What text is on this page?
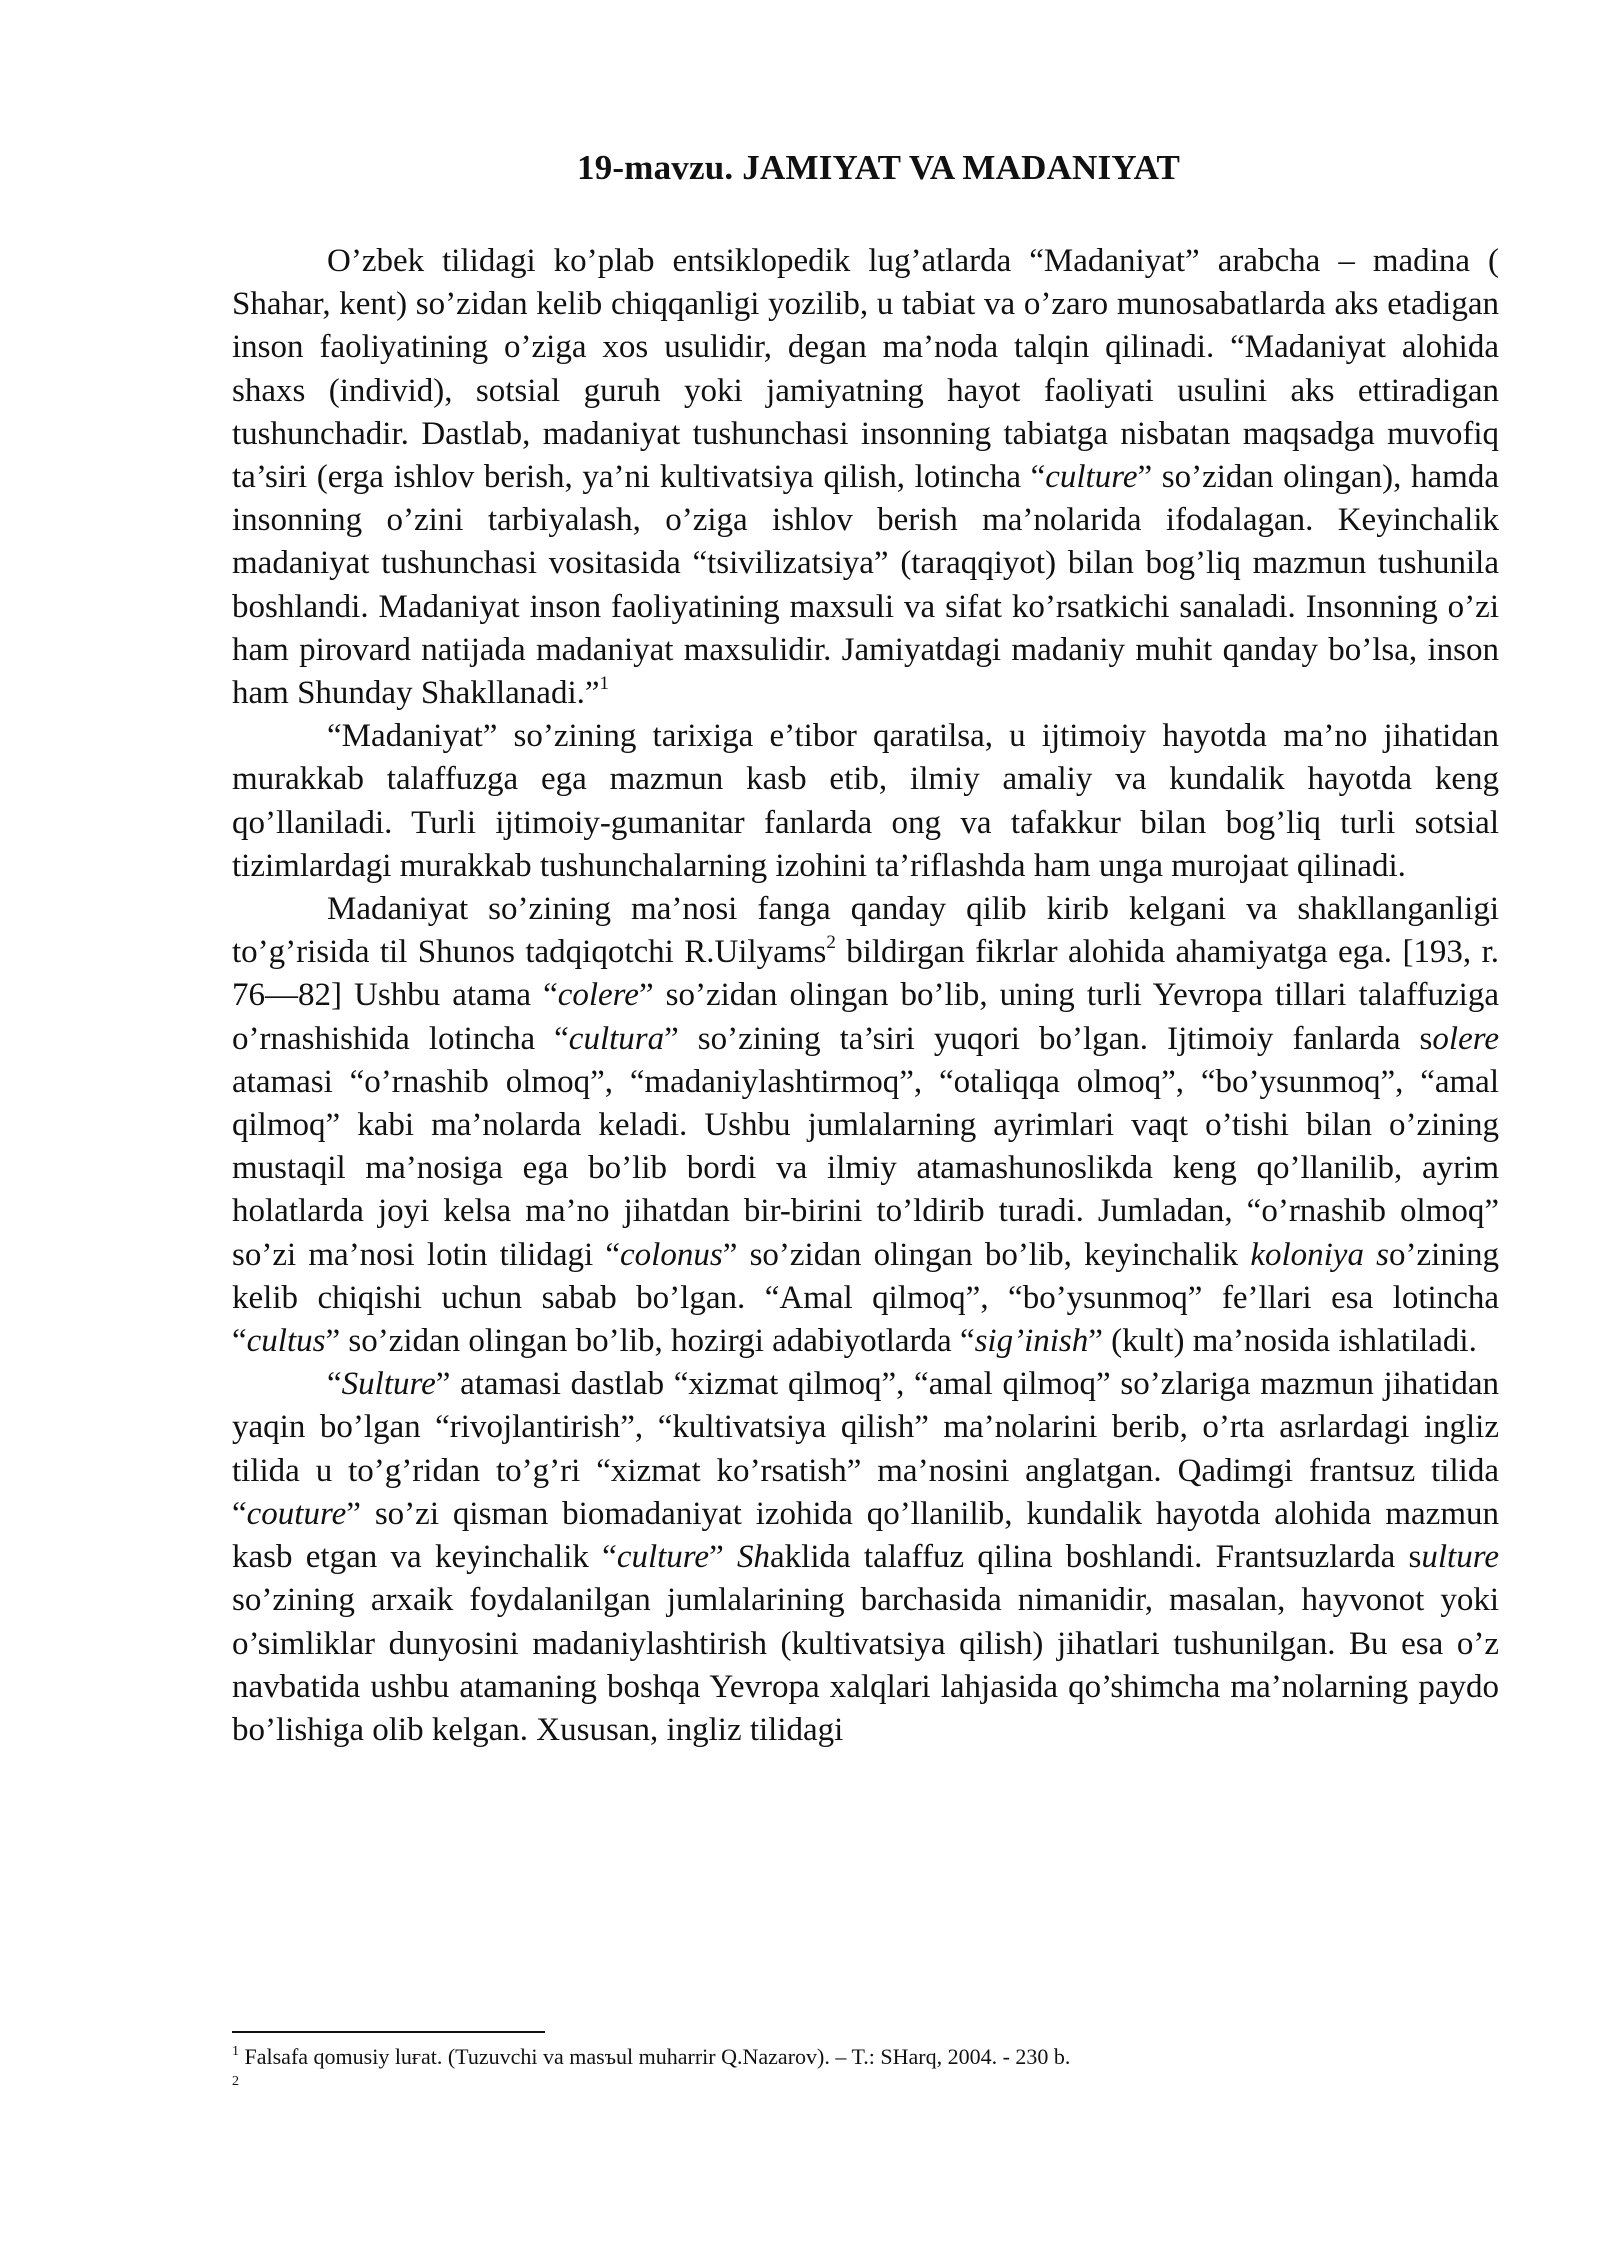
19-mavzu. JAMIYAT VA MADANIYAT

O’zbek tilidagi ko’plab entsiklopedik lug’atlarda “Madaniyat” arabcha – madina ( Shahar, kent) so’zidan kelib chiqqanligi yozilib, u tabiat va o’zaro munosabatlarda aks etadigan inson faoliyatining o’ziga xos usulidir, degan ma’noda talqin qilinadi. “Madaniyat alohida shaxs (individ), sotsial guruh yoki jamiyatning hayot faoliyati usulini aks ettiradigan tushunchadir. Dastlab, madaniyat tushunchasi insonning tabiatga nisbatan maqsadga muvofiq ta’siri (erga ishlov berish, ya’ni kultivatsiya qilish, lotincha “culture” so’zidan olingan), hamda insonning o’zini tarbiyalash, o’ziga ishlov berish ma’nolarida ifodalagan. Keyinchalik madaniyat tushunchasi vositasida “tsivilizatsiya” (taraqqiyot) bilan bog’liq mazmun tushunila boshlandi. Madaniyat inson faoliyatining maxsuli va sifat ko’rsatkichi sanaladi. Insonning o’zi ham pirovard natijada madaniyat maxsulidir. Jamiyatdagi madaniy muhit qanday bo’lsa, inson ham Shunday Shakllanadi.”$^1$

“Madaniyat” so’zining tarixiga e’tibor qaratilsa, u ijtimoiy hayotda ma’no jihatidan murakkab talaffuzga ega mazmun kasb etib, ilmiy amaliy va kundalik hayotda keng qo’llaniladi. Turli ijtimoiy-gumanitar fanlarda ong va tafakkur bilan bog’liq turli sotsial tizimlardagi murakkab tushunchalarning izohini ta’riflashda ham unga murojaat qilinadi.

Madaniyat so’zining ma’nosi fanga qanday qilib kirib kelgani va shakllanganligi to’g’risida til Shunos tadqiqotchi R.Uilyams$^2$ bildirgan fikrlar alohida ahamiyatga ega. [193, r. 76—82] Ushbu atama “colere” so’zidan olingan bo’lib, uning turli Yevropa tillari talaffuziga o’rnashishida lotincha “cultura” so’zining ta’siri yuqori bo’lgan. Ijtimoiy fanlarda solere atamasi “o’rnashib olmoq”, “madaniylashtirmoq”, “otaliqqa olmoq”, “bo’ysunmoq”, “amal qilmoq” kabi ma’nolarda keladi. Ushbu jumlalarning ayrimlari vaqt o’tishi bilan o’zining mustaqil ma’nosiga ega bo’lib bordi va ilmiy atamashunoslikda keng qo’llanilib, ayrim holatlarda joyi kelsa ma’no jihatdan bir-birini to’ldirib turadi. Jumladan, “o’rnashib olmoq” so’zi ma’nosi lotin tilidagi “colonus” so’zidan olingan bo’lib, keyinchalik koloniya so’zining kelib chiqishi uchun sabab bo’lgan. “Amal qilmoq”, “bo’ysunmoq” fe’llari esa lotincha “cultus” so’zidan olingan bo’lib, hozirgi adabiyotlarda “sig’inish” (kult) ma’nosida ishlatiladi.

“Sulture” atamasi dastlab “xizmat qilmoq”, “amal qilmoq” so’zlariga mazmun jihatidan yaqin bo’lgan “rivojlantirish”, “kultivatsiya qilish” ma’nolarini berib, o’rta asrlardagi ingliz tilida u to’g’ridan to’g’ri “xizmat ko’rsatish” ma’nosini anglatgan. Qadimgi frantsuz tilida “couture” so’zi qisman biomadaniyat izohida qo’llanilib, kundalik hayotda alohida mazmun kasb etgan va keyinchalik “culture” Shaklida talaffuz qilina boshlandi. Frantsuzlarda sulture so’zining arxaik foydalanilgan jumlalarining barchasida nimanidir, masalan, hayvonot yoki o’simliklar dunyosini madaniylashtirish (kultivatsiya qilish) jihatlari tushunilgan. Bu esa o’z navbatida ushbu atamaning boshqa Yevropa xalqlari lahjasida qo’shimcha ma’nolarning paydo bo’lishiga olib kelgan. Xususan, ingliz tilidagi

$^1$ Falsafa qomusiy luғat. (Tuzuvchi va masъul muharrir Q.Nazarov). – T.: SHarq, 2004. - 230 b.

$^2$
